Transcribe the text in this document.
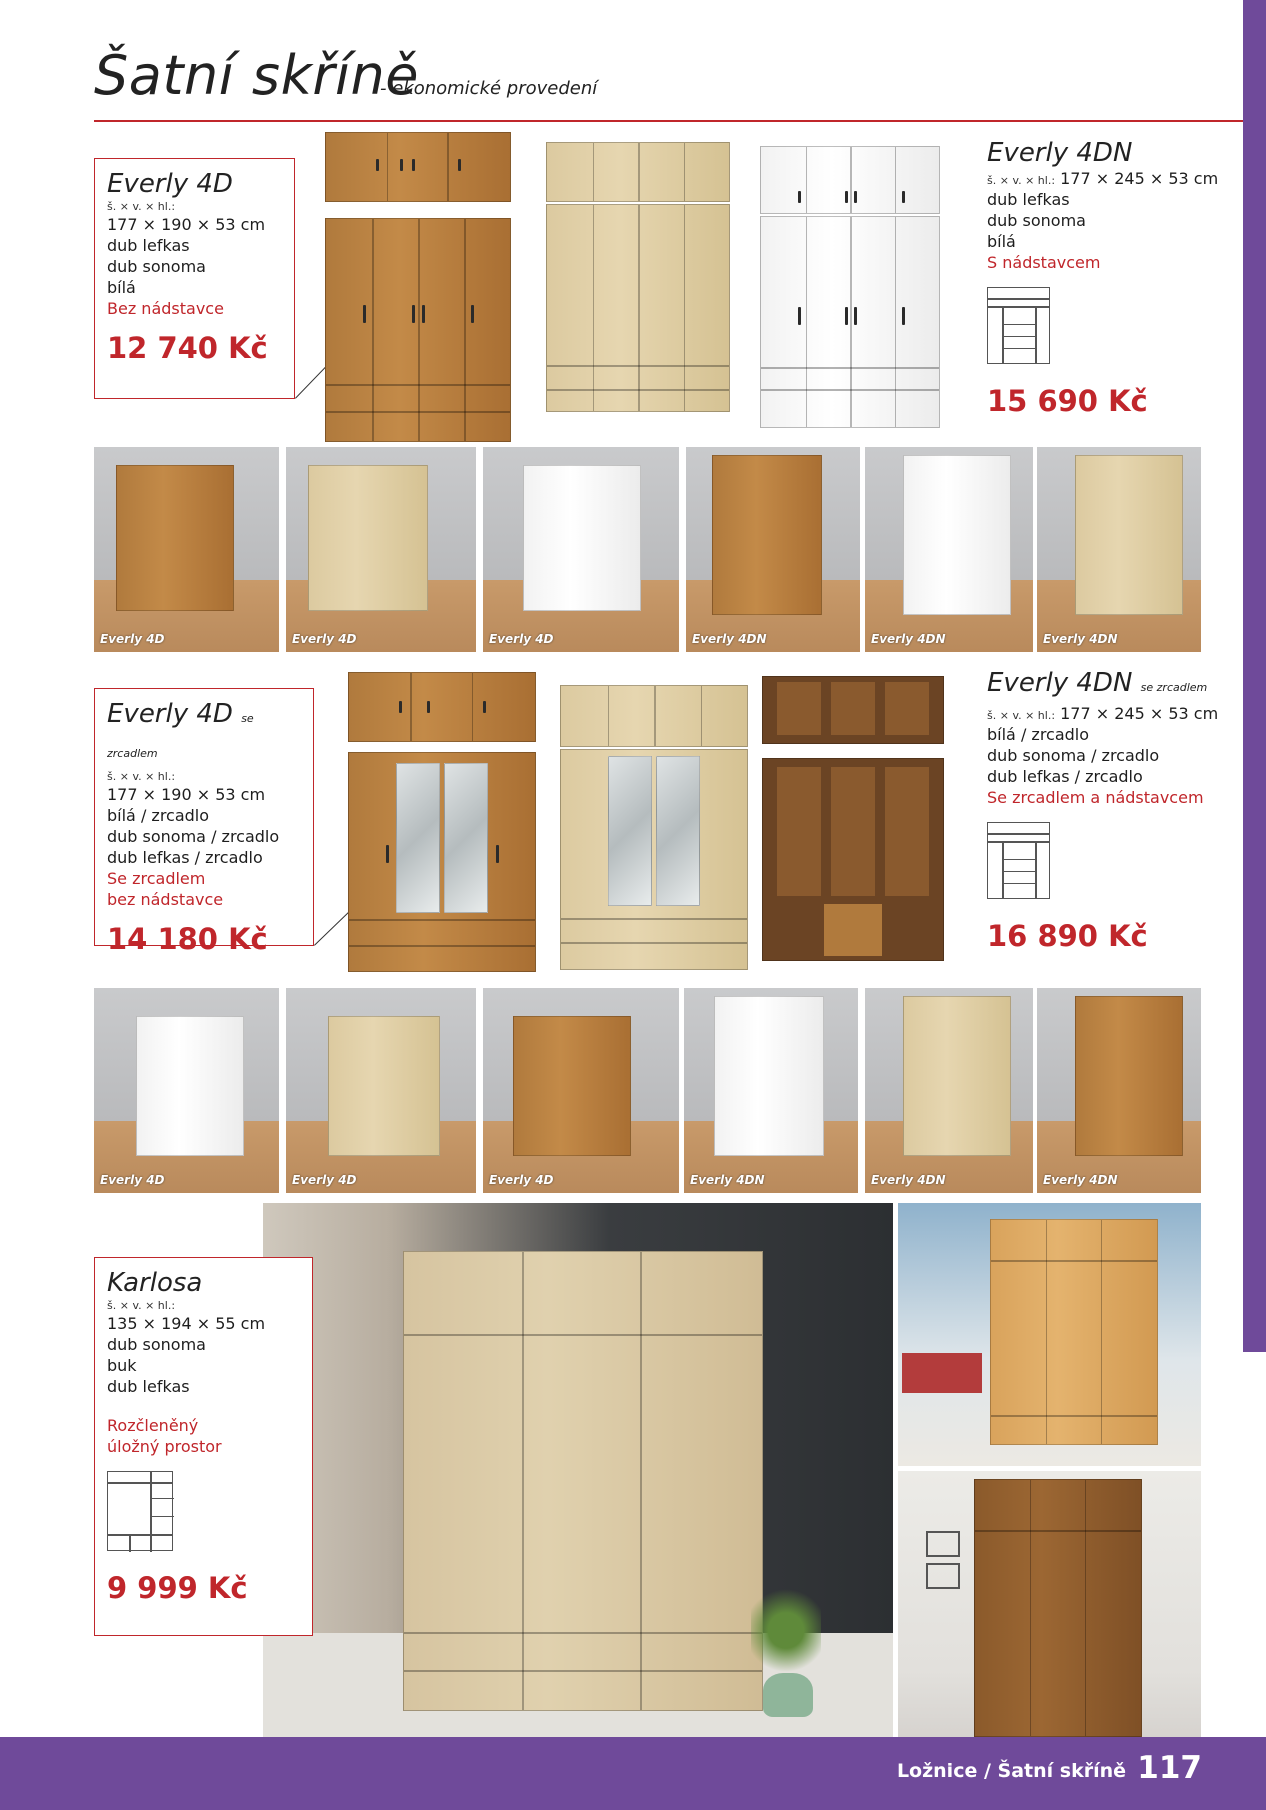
Šatní skříně
- ekonomické provedení
Everly 4D
š. × v. × hl.:
177 × 190 × 53 cm
dub lefkas
dub sonoma
bílá
Bez nádstavce
12 740 Kč
Everly 4DN
š. × v. × hl.: 177 × 245 × 53 cm
dub lefkas
dub sonoma
bílá
S nádstavcem
15 690 Kč
Everly 4D	Everly 4D	Everly 4D	Everly 4DN	Everly 4DN	Everly 4DN
Everly 4D se zrcadlem
š. × v. × hl.:
177 × 190 × 53 cm
bílá / zrcadlo
dub sonoma / zrcadlo
dub lefkas / zrcadlo
Se zrcadlem
bez nádstavce
14 180 Kč
Everly 4DN se zrcadlem
š. × v. × hl.: 177 × 245 × 53 cm
bílá / zrcadlo
dub sonoma / zrcadlo
dub lefkas / zrcadlo
Se zrcadlem a nádstavcem
16 890 Kč
Everly 4D	Everly 4D	Everly 4D	Everly 4DN	Everly 4DN	Everly 4DN
Karlosa
š. × v. × hl.:
135 × 194 × 55 cm
dub sonoma
buk
dub lefkas
Rozčleněný
úložný prostor
9 999 Kč
Ložnice / Šatní skříně 117
